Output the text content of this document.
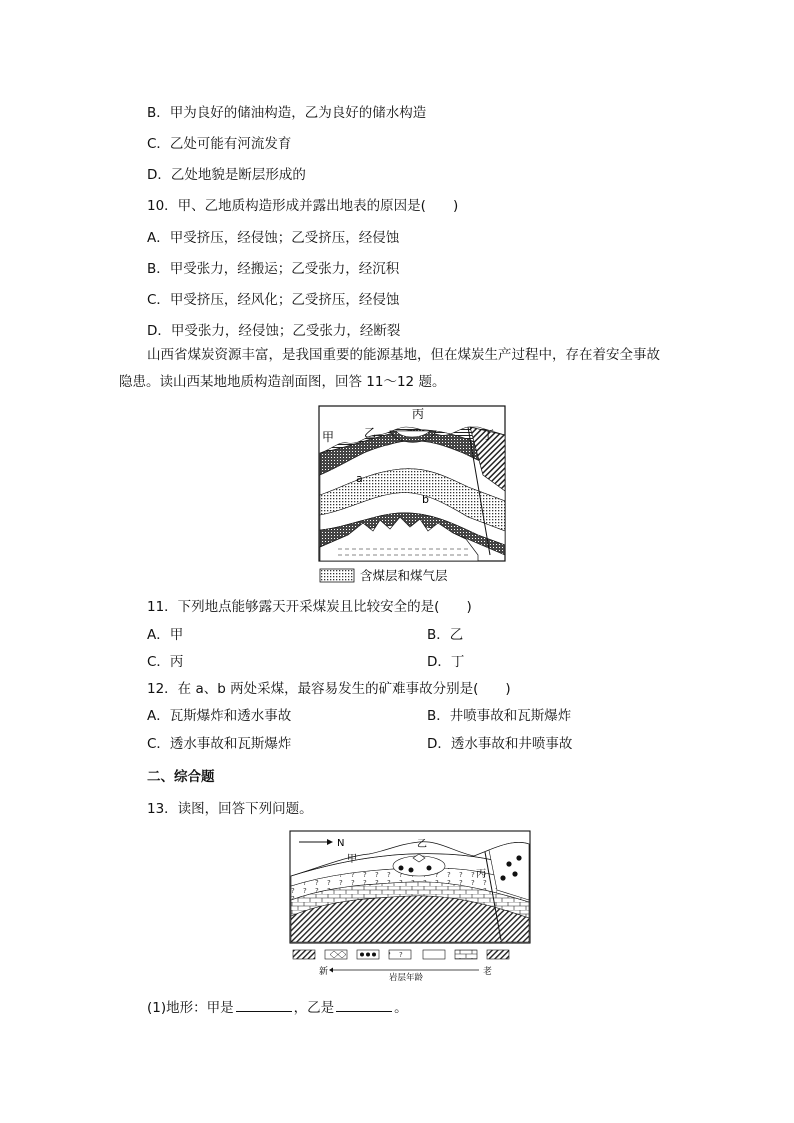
B．甲为良好的储油构造，乙为良好的储水构造
C．乙处可能有河流发育
D．乙处地貌是断层形成的
10．甲、乙地质构造形成并露出地表的原因是(　　)
A．甲受挤压，经侵蚀；乙受挤压，经侵蚀
B．甲受张力，经搬运；乙受张力，经沉积
C．甲受挤压，经风化；乙受挤压，经侵蚀
D．甲受张力，经侵蚀；乙受张力，经断裂
山西省煤炭资源丰富，是我国重要的能源基地，但在煤炭生产过程中，存在着安全事故
隐患。读山西某地地质构造剖面图，回答 11～12 题。
甲 乙
丙
丁
a
b
含煤层和煤气层
11．下列地点能够露天开采煤炭且比较安全的是(　　)
A．甲	B．乙
C．丙	D．丁
12．在 a、b 两处采煤，最容易发生的矿难事故分别是(　　)
A．瓦斯爆炸和透水事故	B．井喷事故和瓦斯爆炸
C．透水事故和瓦斯爆炸	D．透水事故和井喷事故
二、综合题
13．读图，回答下列问题。
N
甲
乙
丙
新
岩层年龄
老
(1)地形：甲是	，乙是	。
